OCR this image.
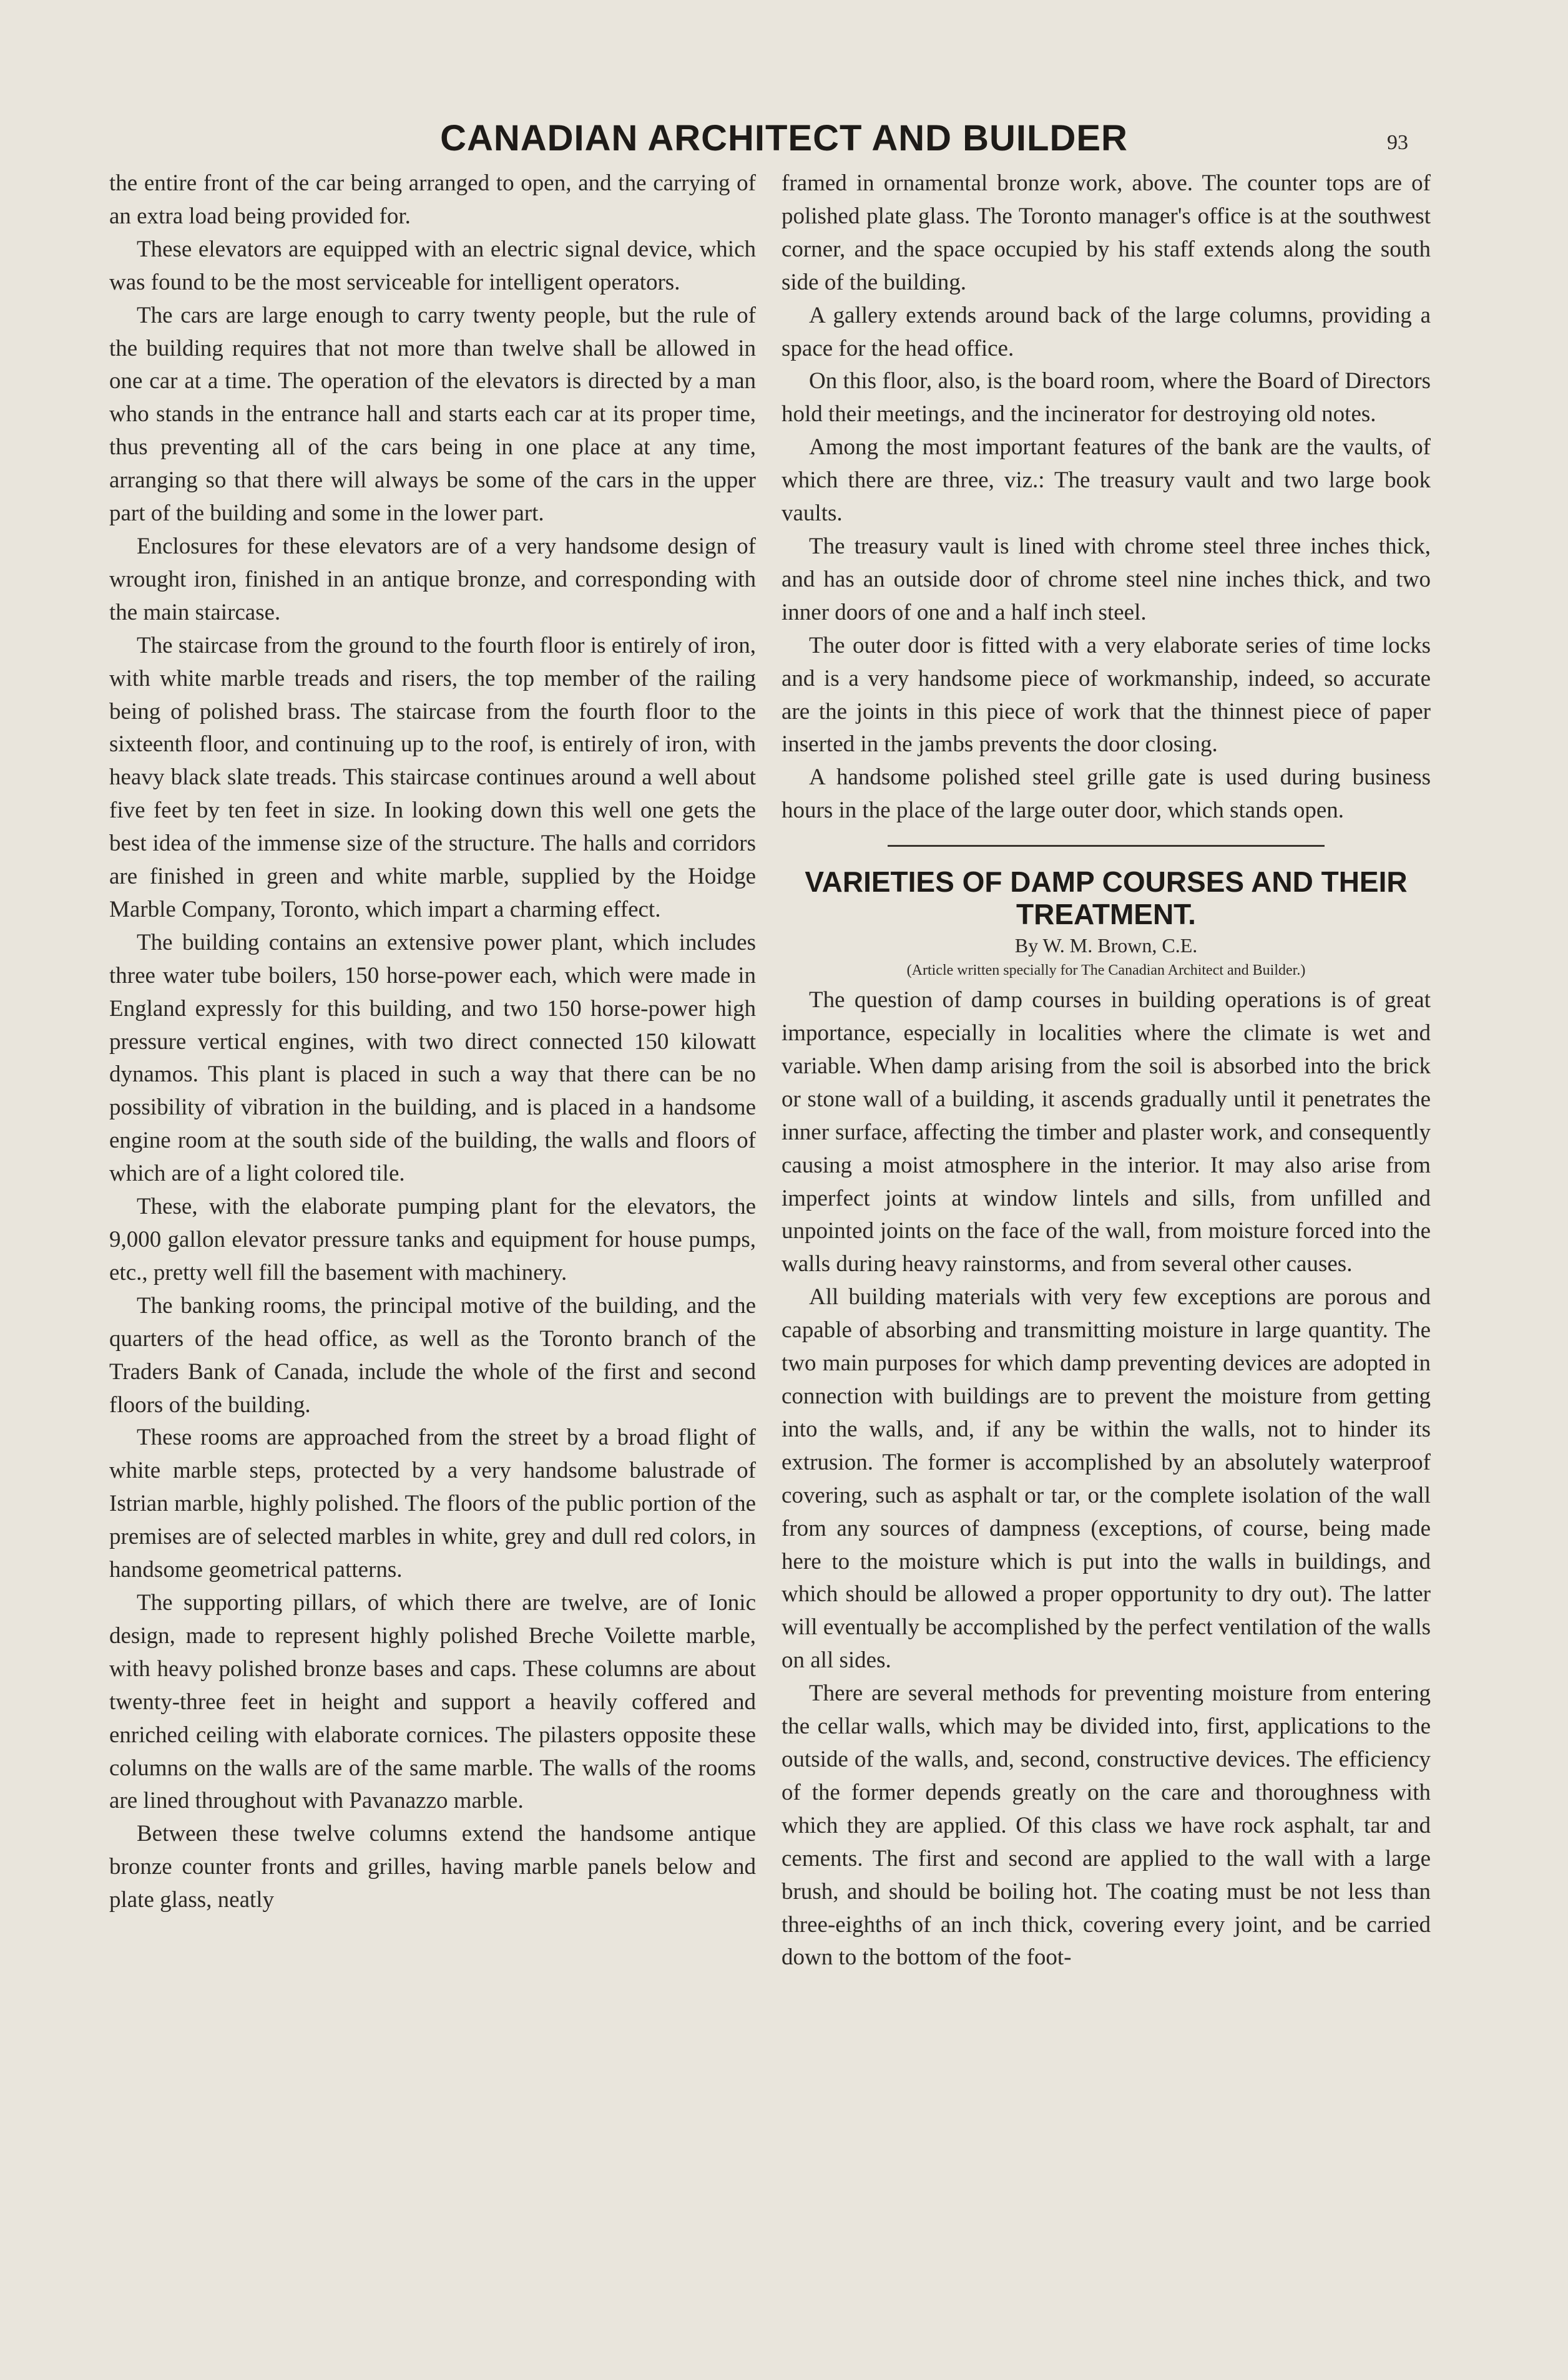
CANADIAN ARCHITECT AND BUILDER	93

the entire front of the car being arranged to open, and the carrying of an extra load being provided for.

These elevators are equipped with an electric signal device, which was found to be the most serviceable for intelligent operators.

The cars are large enough to carry twenty people, but the rule of the building requires that not more than twelve shall be allowed in one car at a time. The operation of the elevators is directed by a man who stands in the entrance hall and starts each car at its proper time, thus preventing all of the cars being in one place at any time, arranging so that there will always be some of the cars in the upper part of the building and some in the lower part.

Enclosures for these elevators are of a very handsome design of wrought iron, finished in an antique bronze, and corresponding with the main staircase.

The staircase from the ground to the fourth floor is entirely of iron, with white marble treads and risers, the top member of the railing being of polished brass. The staircase from the fourth floor to the sixteenth floor, and continuing up to the roof, is entirely of iron, with heavy black slate treads. This staircase continues around a well about five feet by ten feet in size. In looking down this well one gets the best idea of the immense size of the structure. The halls and corridors are finished in green and white marble, supplied by the Hoidge Marble Company, Toronto, which impart a charming effect.

The building contains an extensive power plant, which includes three water tube boilers, 150 horse-power each, which were made in England expressly for this building, and two 150 horse-power high pressure vertical engines, with two direct connected 150 kilowatt dynamos. This plant is placed in such a way that there can be no possibility of vibration in the building, and is placed in a handsome engine room at the south side of the building, the walls and floors of which are of a light colored tile.

These, with the elaborate pumping plant for the elevators, the 9,000 gallon elevator pressure tanks and equipment for house pumps, etc., pretty well fill the basement with machinery.

The banking rooms, the principal motive of the building, and the quarters of the head office, as well as the Toronto branch of the Traders Bank of Canada, include the whole of the first and second floors of the building.

These rooms are approached from the street by a broad flight of white marble steps, protected by a very handsome balustrade of Istrian marble, highly polished. The floors of the public portion of the premises are of selected marbles in white, grey and dull red colors, in handsome geometrical patterns.

The supporting pillars, of which there are twelve, are of Ionic design, made to represent highly polished Breche Voilette marble, with heavy polished bronze bases and caps. These columns are about twenty-three feet in height and support a heavily coffered and enriched ceiling with elaborate cornices. The pilasters opposite these columns on the walls are of the same marble. The walls of the rooms are lined throughout with Pavanazzo marble.

Between these twelve columns extend the handsome antique bronze counter fronts and grilles, having marble panels below and plate glass, neatly

framed in ornamental bronze work, above. The counter tops are of polished plate glass. The Toronto manager's office is at the southwest corner, and the space occupied by his staff extends along the south side of the building.

A gallery extends around back of the large columns, providing a space for the head office.

On this floor, also, is the board room, where the Board of Directors hold their meetings, and the incinerator for destroying old notes.

Among the most important features of the bank are the vaults, of which there are three, viz.: The treasury vault and two large book vaults.

The treasury vault is lined with chrome steel three inches thick, and has an outside door of chrome steel nine inches thick, and two inner doors of one and a half inch steel.

The outer door is fitted with a very elaborate series of time locks and is a very handsome piece of workmanship, indeed, so accurate are the joints in this piece of work that the thinnest piece of paper inserted in the jambs prevents the door closing.

A handsome polished steel grille gate is used during business hours in the place of the large outer door, which stands open.

VARIETIES OF DAMP COURSES AND THEIR TREATMENT.
By W. M. Brown, C.E.
(Article written specially for The Canadian Architect and Builder.)

The question of damp courses in building operations is of great importance, especially in localities where the climate is wet and variable. When damp arising from the soil is absorbed into the brick or stone wall of a building, it ascends gradually until it penetrates the inner surface, affecting the timber and plaster work, and consequently causing a moist atmosphere in the interior. It may also arise from imperfect joints at window lintels and sills, from unfilled and unpointed joints on the face of the wall, from moisture forced into the walls during heavy rainstorms, and from several other causes.

All building materials with very few exceptions are porous and capable of absorbing and transmitting moisture in large quantity. The two main purposes for which damp preventing devices are adopted in connection with buildings are to prevent the moisture from getting into the walls, and, if any be within the walls, not to hinder its extrusion. The former is accomplished by an absolutely waterproof covering, such as asphalt or tar, or the complete isolation of the wall from any sources of dampness (exceptions, of course, being made here to the moisture which is put into the walls in buildings, and which should be allowed a proper opportunity to dry out). The latter will eventually be accomplished by the perfect ventilation of the walls on all sides.

There are several methods for preventing moisture from entering the cellar walls, which may be divided into, first, applications to the outside of the walls, and, second, constructive devices. The efficiency of the former depends greatly on the care and thoroughness with which they are applied. Of this class we have rock asphalt, tar and cements. The first and second are applied to the wall with a large brush, and should be boiling hot. The coating must be not less than three-eighths of an inch thick, covering every joint, and be carried down to the bottom of the foot-
